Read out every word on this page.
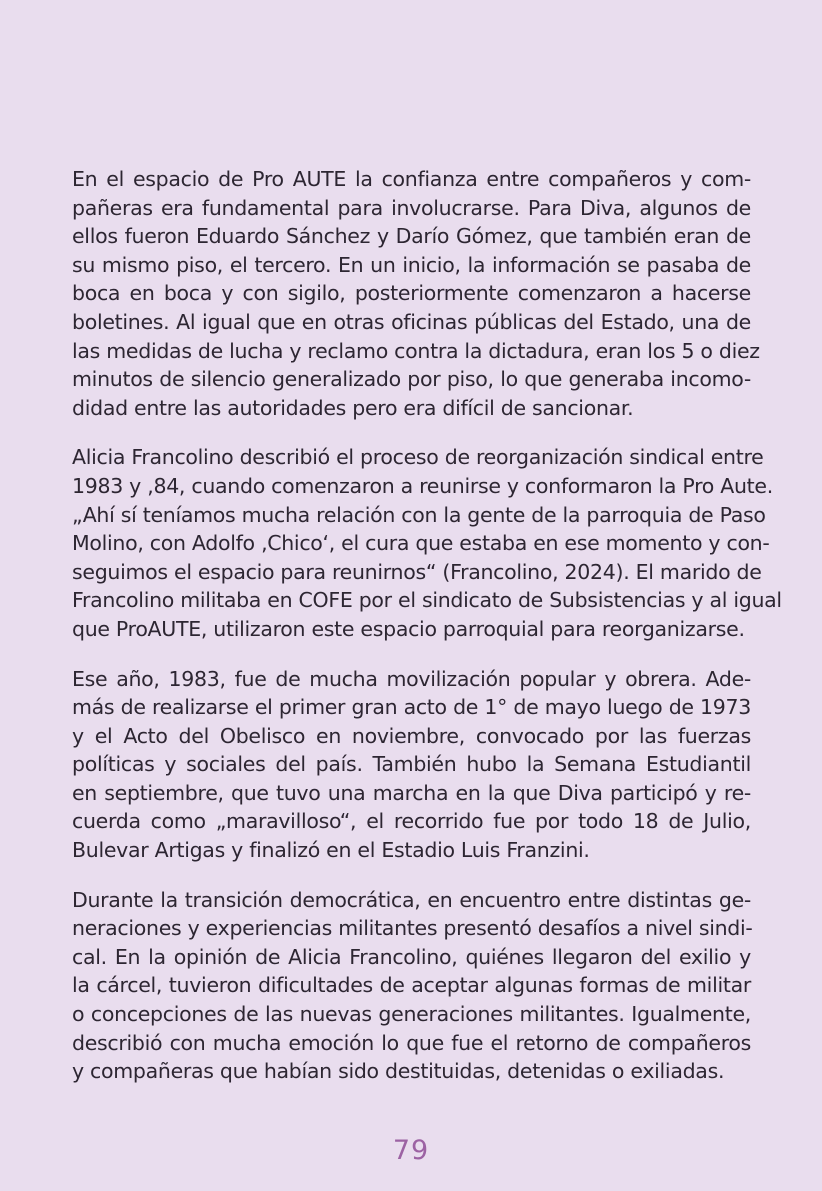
En el espacio de Pro AUTE la confianza entre compañeros y com-
pañeras era fundamental para involucrarse. Para Diva, algunos de
ellos fueron Eduardo Sánchez y Darío Gómez, que también eran de
su mismo piso, el tercero. En un inicio, la información se pasaba de
boca en boca y con sigilo, posteriormente comenzaron a hacerse
boletines. Al igual que en otras oficinas públicas del Estado, una de
las medidas de lucha y reclamo contra la dictadura, eran los 5 o diez
minutos de silencio generalizado por piso, lo que generaba incomo-
didad entre las autoridades pero era difícil de sancionar.
Alicia Francolino describió el proceso de reorganización sindical entre
1983 y ,84, cuando comenzaron a reunirse y conformaron la Pro Aute.
„Ahí sí teníamos mucha relación con la gente de la parroquia de Paso
Molino, con Adolfo ‚Chico‘, el cura que estaba en ese momento y con-
seguimos el espacio para reunirnos“ (Francolino, 2024). El marido de
Francolino militaba en COFE por el sindicato de Subsistencias y al igual
que ProAUTE, utilizaron este espacio parroquial para reorganizarse.
Ese año, 1983, fue de mucha movilización popular y obrera. Ade-
más de realizarse el primer gran acto de 1° de mayo luego de 1973
y el Acto del Obelisco en noviembre, convocado por las fuerzas
políticas y sociales del país. También hubo la Semana Estudiantil
en septiembre, que tuvo una marcha en la que Diva participó y re-
cuerda como „maravilloso“, el recorrido fue por todo 18 de Julio,
Bulevar Artigas y finalizó en el Estadio Luis Franzini.
Durante la transición democrática, en encuentro entre distintas ge-
neraciones y experiencias militantes presentó desafíos a nivel sindi-
cal. En la opinión de Alicia Francolino, quiénes llegaron del exilio y
la cárcel, tuvieron dificultades de aceptar algunas formas de militar
o concepciones de las nuevas generaciones militantes. Igualmente,
describió con mucha emoción lo que fue el retorno de compañeros
y compañeras que habían sido destituidas, detenidas o exiliadas.
79
